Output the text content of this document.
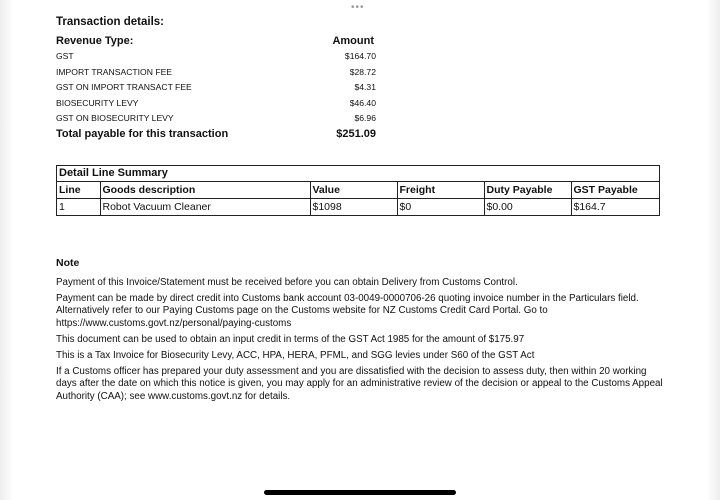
•••
Transaction details:
Revenue Type:	Amount
GST	$164.70
IMPORT TRANSACTION FEE	$28.72
GST ON IMPORT TRANSACT FEE	$4.31
BIOSECURITY LEVY	$46.40
GST ON BIOSECURITY LEVY	$6.96
Total payable for this transaction	$251.09
Detail Line Summary
Line	Goods description	Value	Freight	Duty Payable	GST Payable
1	Robot Vacuum Cleaner	$1098	$0	$0.00	$164.7
Note

Payment of this Invoice/Statement must be received before you can obtain Delivery from Customs Control.

Payment can be made by direct credit into Customs bank account 03-0049-0000706-26 quoting invoice number in the Particulars field. Alternatively refer to our Paying Customs page on the Customs website for NZ Customs Credit Card Portal. Go to https://www.customs.govt.nz/personal/paying-customs

This document can be used to obtain an input credit in terms of the GST Act 1985 for the amount of $175.97

This is a Tax Invoice for Biosecurity Levy, ACC, HPA, HERA, PFML, and SGG levies under S60 of the GST Act

If a Customs officer has prepared your duty assessment and you are dissatisfied with the decision to assess duty, then within 20 working days after the date on which this notice is given, you may apply for an administrative review of the decision or appeal to the Customs Appeal Authority (CAA); see www.customs.govt.nz for details.
